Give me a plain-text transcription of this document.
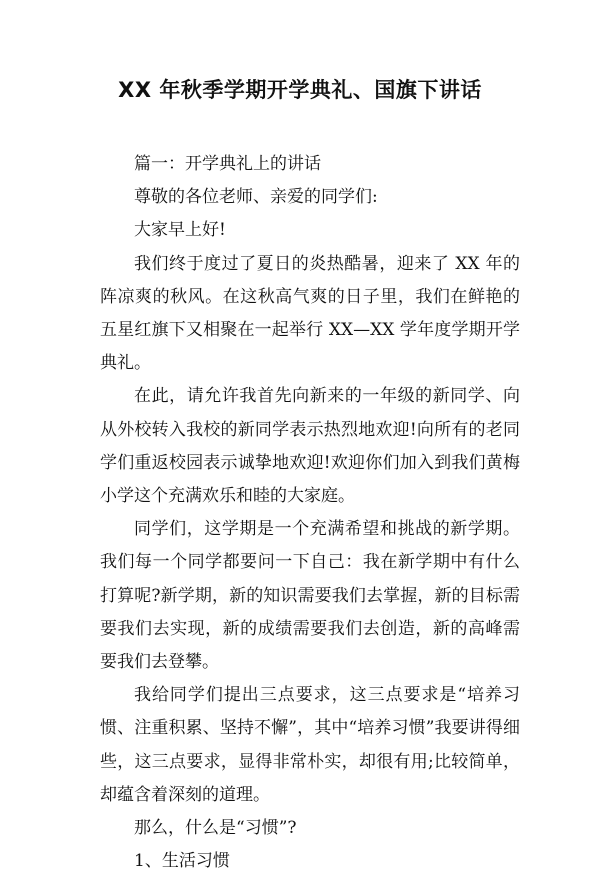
XX 年秋季学期开学典礼、国旗下讲话

篇一：开学典礼上的讲话

尊敬的各位老师、亲爱的同学们:

大家早上好!

我们终于度过了夏日的炎热酷暑，迎来了 XX 年的阵凉爽的秋风。在这秋高气爽的日子里，我们在鲜艳的五星红旗下又相聚在一起举行 XX—XX 学年度学期开学典礼。

在此，请允许我首先向新来的一年级的新同学、向从外校转入我校的新同学表示热烈地欢迎!向所有的老同学们重返校园表示诚挚地欢迎!欢迎你们加入到我们黄梅小学这个充满欢乐和睦的大家庭。

同学们，这学期是一个充满希望和挑战的新学期。我们每一个同学都要问一下自己：我在新学期中有什么打算呢?新学期，新的知识需要我们去掌握，新的目标需要我们去实现，新的成绩需要我们去创造，新的高峰需要我们去登攀。

我给同学们提出三点要求，这三点要求是“培养习惯、注重积累、坚持不懈”，其中“培养习惯”我要讲得细些，这三点要求，显得非常朴实，却很有用;比较简单，却蕴含着深刻的道理。

那么，什么是“习惯”?

1、生活习惯
